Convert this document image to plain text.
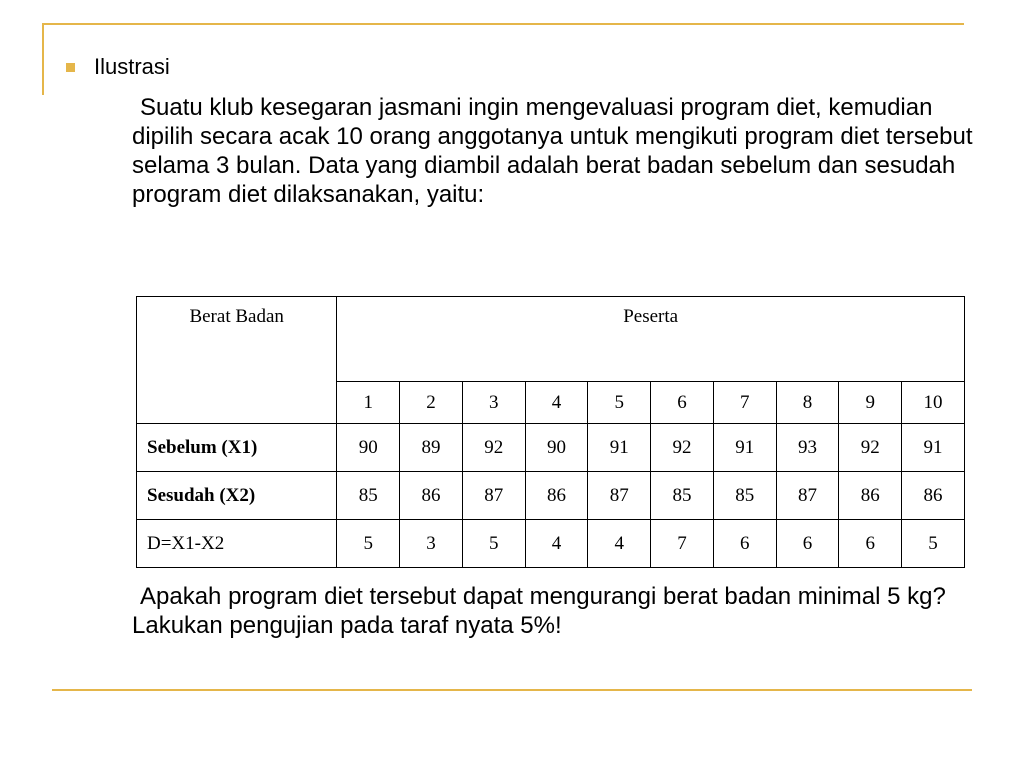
Ilustrasi

Suatu klub kesegaran jasmani ingin mengevaluasi program diet, kemudian dipilih secara acak 10 orang anggotanya untuk mengikuti program diet tersebut selama 3 bulan. Data yang diambil adalah berat badan sebelum dan sesudah program diet dilaksanakan, yaitu:

Berat Badan	Peserta									
	1	2	3	4	5	6	7	8	9	10
Sebelum (X1)	90	89	92	90	91	92	91	93	92	91
Sesudah (X2)	85	86	87	86	87	85	85	87	86	86
D=X1-X2	5	3	5	4	4	7	6	6	6	5

Apakah program diet tersebut dapat mengurangi berat badan minimal 5 kg? Lakukan pengujian pada taraf nyata 5%!
